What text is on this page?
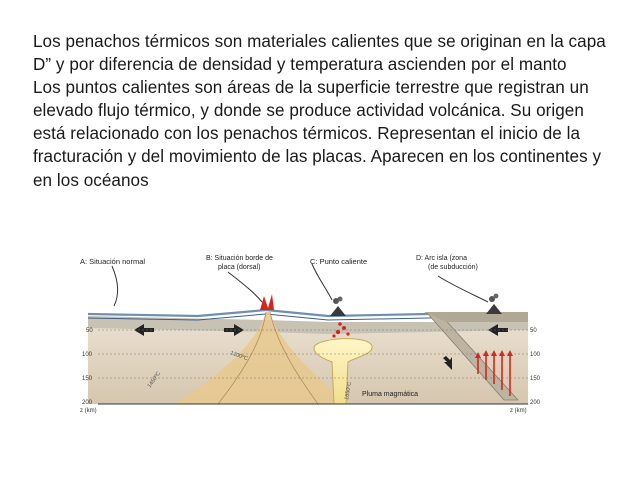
Los penachos térmicos son materiales calientes que se originan en la capa D” y por diferencia de densidad y temperatura ascienden por el manto

Los puntos calientes son áreas de la superficie terrestre que registran un elevado flujo térmico, y donde se produce actividad volcánica. Su origen está relacionado con los penachos térmicos. Representan el inicio de la fracturación y del movimiento de las placas. Aparecen en los continentes y en los océanos

A: Situación normal	B: Situación borde de
placa (dorsal)
C: Punto caliente	D: Arc isla (zona
(de subducción)
50
100
150
200
z (km)
50
100
150
200
z (km)
1200ºC
1450ºC
1650ºC Pluma magmática
